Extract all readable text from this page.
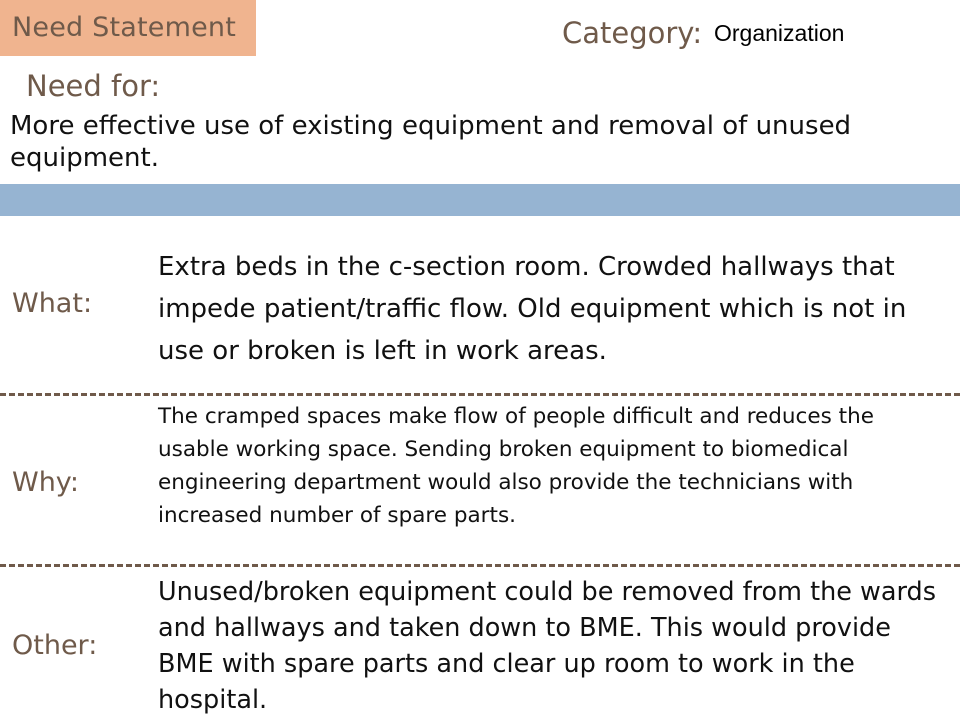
Need Statement	Category: Organization
Need for:
More effective use of existing equipment and removal of unused equipment.
What:
Extra beds in the c-section room. Crowded hallways that impede patient/traffic flow. Old equipment which is not in use or broken is left in work areas.
Why:
The cramped spaces make flow of people difficult and reduces the usable working space. Sending broken equipment to biomedical engineering department would also provide the technicians with increased number of spare parts.
Other:
Unused/broken equipment could be removed from the wards and hallways and taken down to BME. This would provide BME with spare parts and clear up room to work in the hospital.
